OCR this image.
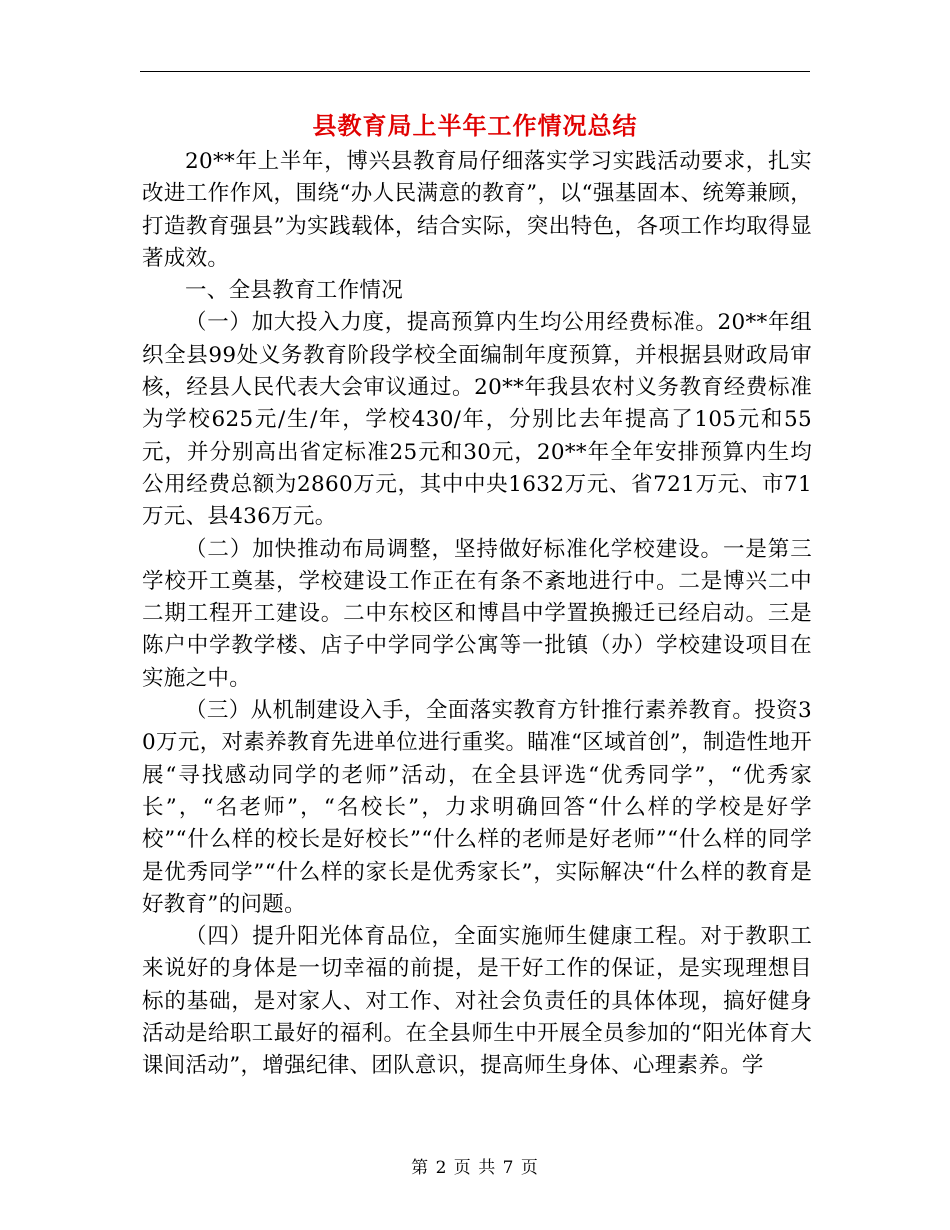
县教育局上半年工作情况总结

20**年上半年，博兴县教育局仔细落实学习实践活动要求，扎实改进工作作风，围绕“办人民满意的教育”，以“强基固本、统筹兼顾，打造教育强县”为实践载体，结合实际，突出特色，各项工作均取得显著成效。

一、全县教育工作情况

（一）加大投入力度，提高预算内生均公用经费标准。20**年组织全县99处义务教育阶段学校全面编制年度预算，并根据县财政局审核，经县人民代表大会审议通过。20**年我县农村义务教育经费标准为学校625元/生/年，学校430/年，分别比去年提高了105元和55元，并分别高出省定标准25元和30元，20**年全年安排预算内生均公用经费总额为2860万元，其中中央1632万元、省721万元、市71万元、县436万元。

（二）加快推动布局调整，坚持做好标准化学校建设。一是第三学校开工奠基，学校建设工作正在有条不紊地进行中。二是博兴二中二期工程开工建设。二中东校区和博昌中学置换搬迁已经启动。三是陈户中学教学楼、店子中学同学公寓等一批镇（办）学校建设项目在实施之中。

（三）从机制建设入手，全面落实教育方针推行素养教育。投资30万元，对素养教育先进单位进行重奖。瞄准“区域首创”，制造性地开展“寻找感动同学的老师”活动，在全县评选“优秀同学”，“优秀家长”，“名老师”，“名校长”，力求明确回答“什么样的学校是好学校”“什么样的校长是好校长”“什么样的老师是好老师”“什么样的同学是优秀同学”“什么样的家长是优秀家长”，实际解决“什么样的教育是好教育”的问题。

（四）提升阳光体育品位，全面实施师生健康工程。对于教职工来说好的身体是一切幸福的前提，是干好工作的保证，是实现理想目标的基础，是对家人、对工作、对社会负责任的具体体现，搞好健身活动是给职工最好的福利。在全县师生中开展全员参加的“阳光体育大课间活动”，增强纪律、团队意识，提高师生身体、心理素养。学

第 2 页 共 7 页
